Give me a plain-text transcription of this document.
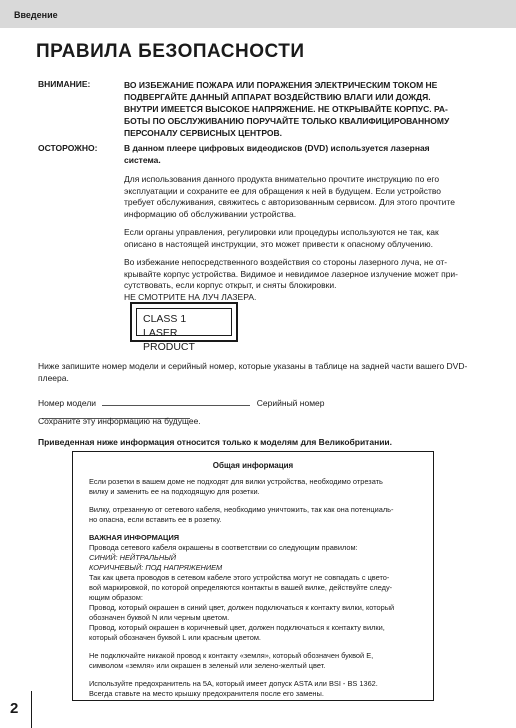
Введение
ПРАВИЛА БЕЗОПАСНОСТИ
ВНИМАНИЕ:	ВО ИЗБЕЖАНИЕ ПОЖАРА ИЛИ ПОРАЖЕНИЯ ЭЛЕКТРИЧЕСКИМ ТОКОМ НЕ
ПОДВЕРГАЙТЕ ДАННЫЙ АППАРАТ ВОЗДЕЙСТВИЮ ВЛАГИ ИЛИ ДОЖДЯ.
ВНУТРИ ИМЕЕТСЯ ВЫСОКОЕ НАПРЯЖЕНИЕ. НЕ ОТКРЫВАЙТЕ КОРПУС. РА-
БОТЫ ПО ОБСЛУЖИВАНИЮ ПОРУЧАЙТЕ ТОЛЬКО КВАЛИФИЦИРОВАННОМУ
ПЕРСОНАЛУ СЕРВИСНЫХ ЦЕНТРОВ.
ОСТОРОЖНО:	В данном плеере цифровых видеодисков (DVD) используется лазерная
система.

Для использования данного продукта внимательно прочтите инструкцию по его
эксплуатации и сохраните ее для обращения к ней в будущем. Если устройство
требует обслуживания, свяжитесь с авторизованным сервисом. Для этого прочтите
информацию об обслуживании устройства.

Если органы управления, регулировки или процедуры используются не так, как
описано в настоящей инструкции, это может привести к опасному облучению.

Во избежание непосредственного воздействия со стороны лазерного луча, не от-
крывайте корпус устройства. Видимое и невидимое лазерное излучение может при-
сутствовать, если корпус открыт, и сняты блокировки.
НЕ СМОТРИТЕ НА ЛУЧ ЛАЗЕРА.

CLASS 1
LASER PRODUCT
Ниже запишите номер модели и серийный номер, которые указаны в таблице на задней части вашего DVD-плеера.
Номер модели	Серийный номер
Сохраните эту информацию на будущее.
Приведенная ниже информация относится только к моделям для Великобритании.
Общая информация

Если розетки в вашем доме не подходят для вилки устройства, необходимо отрезать
вилку и заменить ее на подходящую для розетки.

Вилку, отрезанную от сетевого кабеля, необходимо уничтожить, так как она потенциаль-
но опасна, если вставить ее в розетку.

ВАЖНАЯ ИНФОРМАЦИЯ
Провода сетевого кабеля окрашены в соответствии со следующим правилом:
СИНИЙ: НЕЙТРАЛЬНЫЙ
КОРИЧНЕВЫЙ: ПОД НАПРЯЖЕНИЕМ
Так как цвета проводов в сетевом кабеле этого устройства могут не совпадать с цвето-
вой маркировкой, по которой определяются контакты в вашей вилке, действуйте следу-
ющим образом:
Провод, который окрашен в синий цвет, должен подключаться к контакту вилки, который
обозначен буквой N или черным цветом.
Провод, который окрашен в коричневый цвет, должен подключаться к контакту вилки,
который обозначен буквой L или красным цветом.

Не подключайте никакой провод к контакту «земля», который обозначен буквой E,
символом «земля» или окрашен в зеленый или зелено-желтый цвет.

Используйте предохранитель на 5А, который имеет допуск ASTA или BSI - BS 1362.
Всегда ставьте на место крышку предохранителя после его замены.

2
